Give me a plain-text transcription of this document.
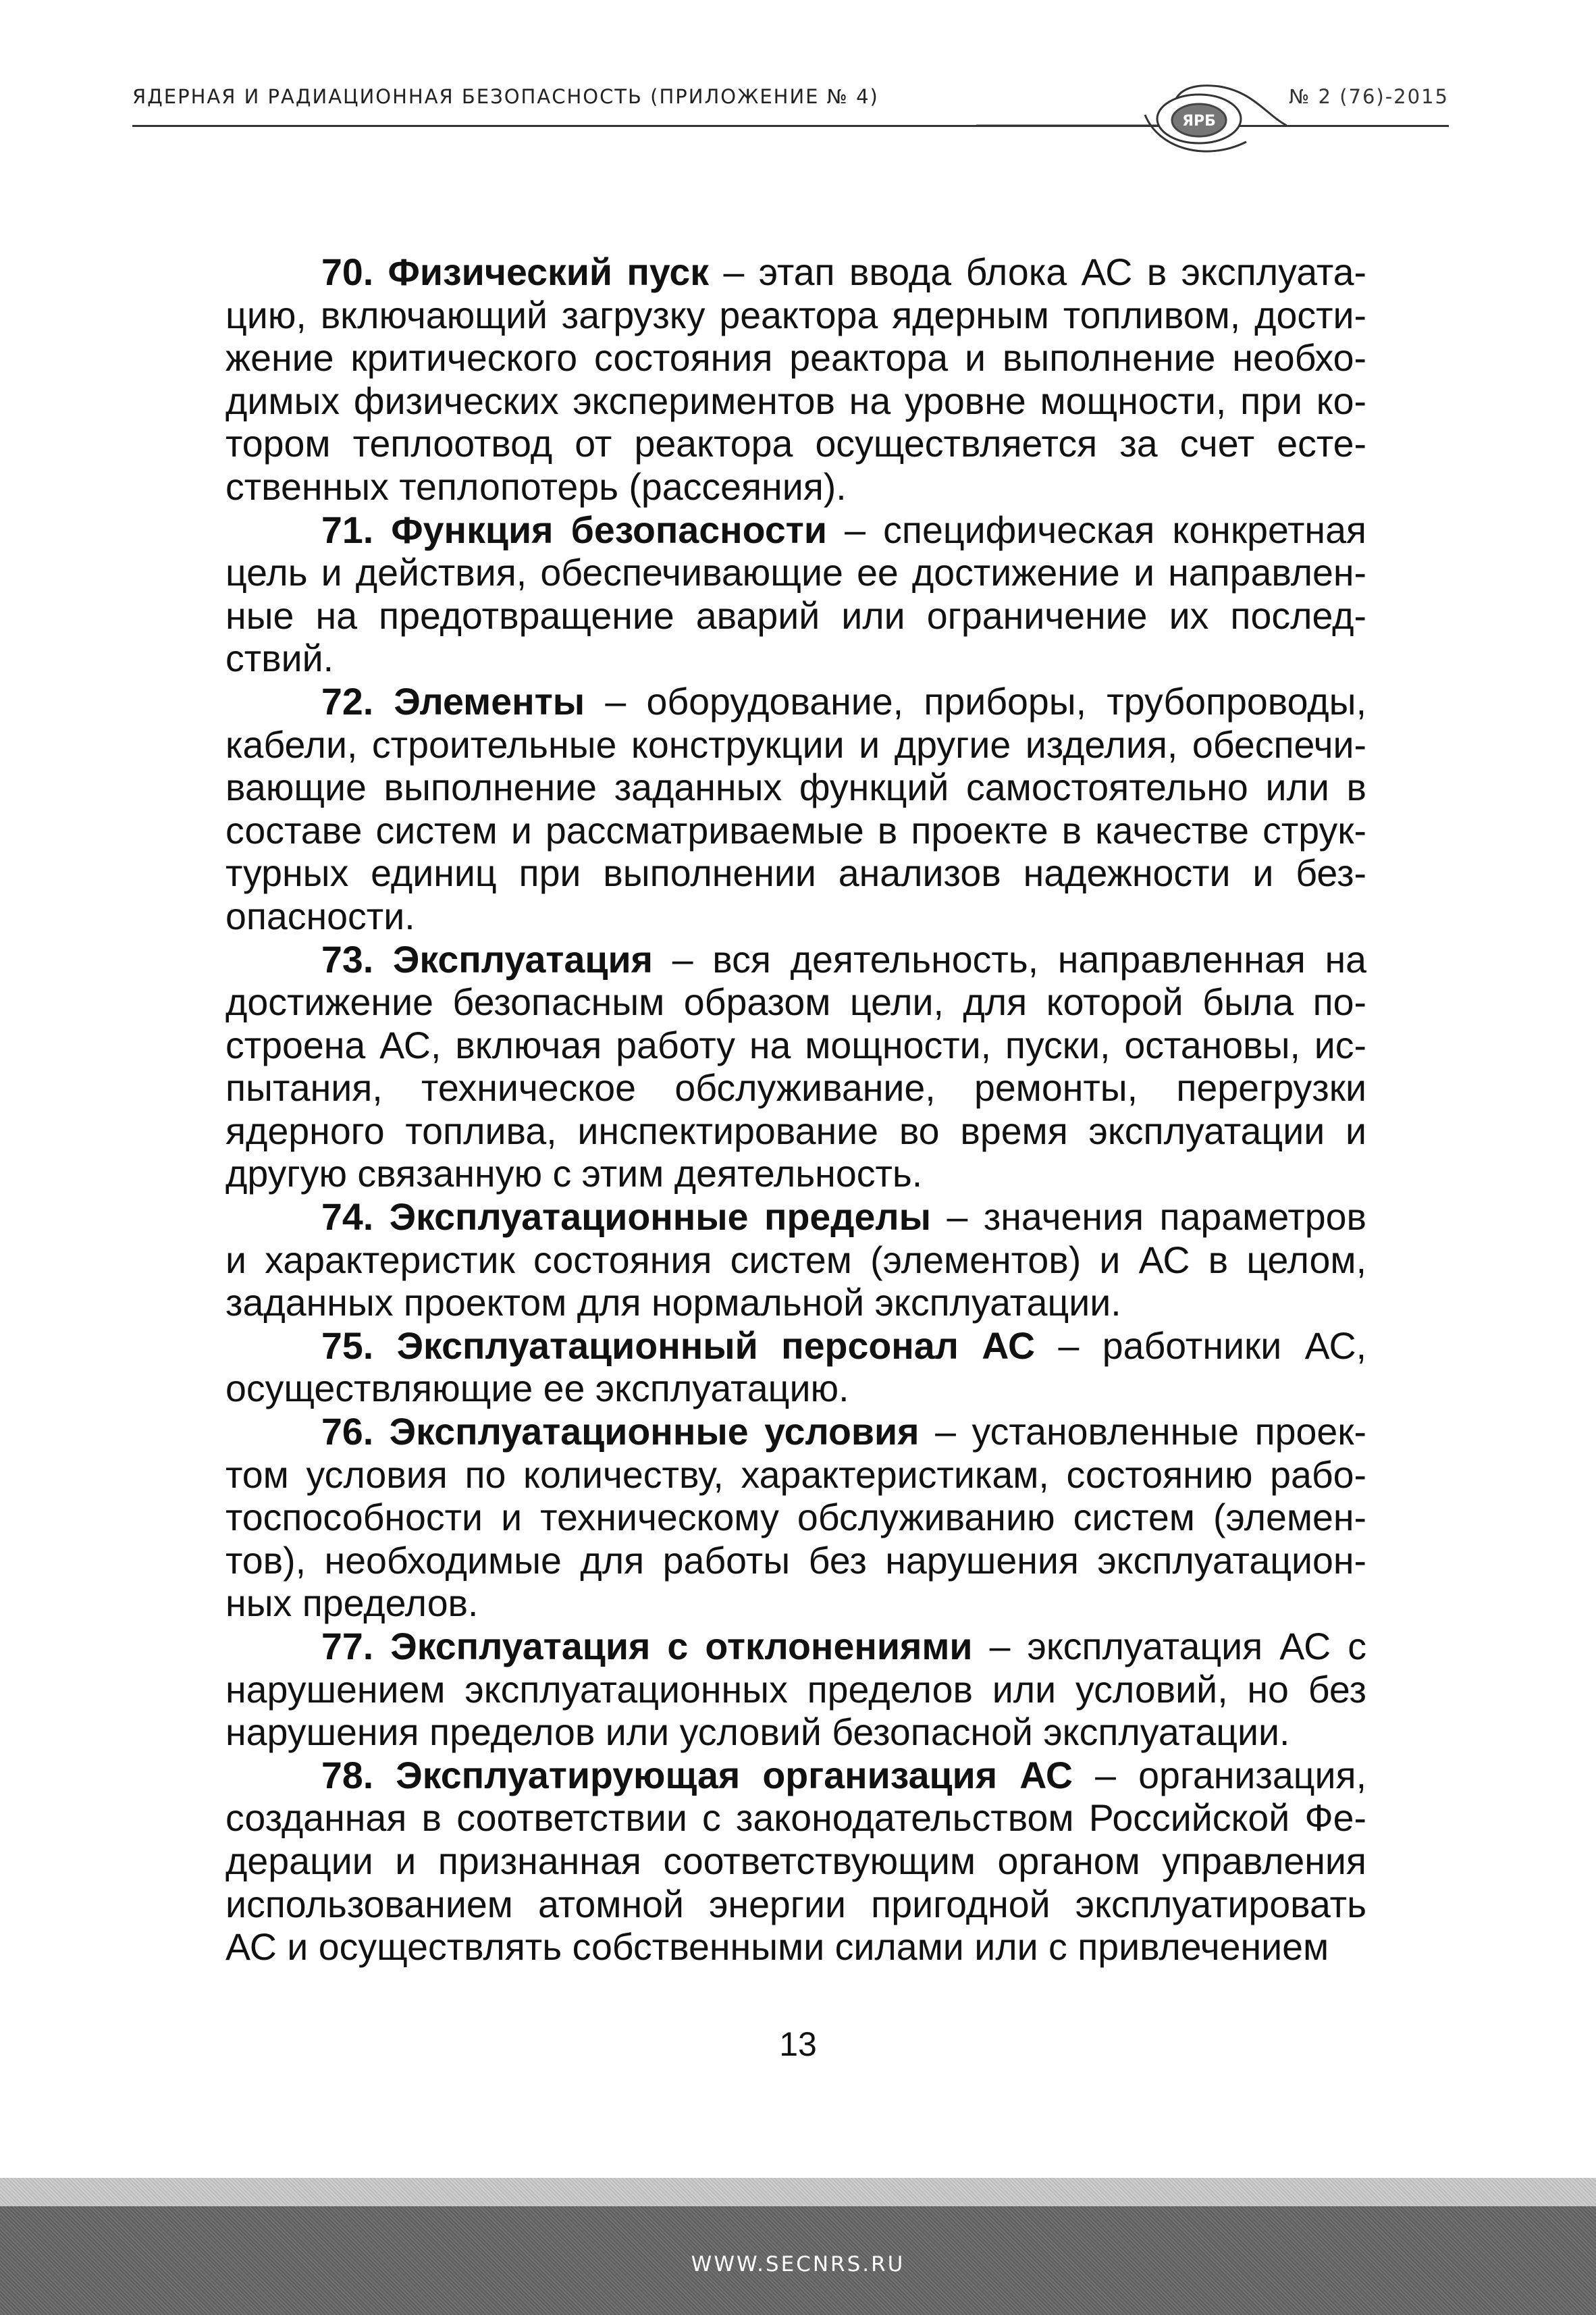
ЯДЕРНАЯ И РАДИАЦИОННАЯ БЕЗОПАСНОСТЬ (ПРИЛОЖЕНИЕ № 4)
ЯРБ
№ 2 (76)-2015

70. Физический пуск – этап ввода блока АС в эксплуатацию, включающий загрузку реактора ядерным топливом, достижение критического состояния реактора и выполнение необходимых физических экспериментов на уровне мощности, при котором теплоотвод от реактора осуществляется за счет естественных теплопотерь (рассеяния).

71. Функция безопасности – специфическая конкретная цель и действия, обеспечивающие ее достижение и направленные на предотвращение аварий или ограничение их последствий.

72. Элементы – оборудование, приборы, трубопроводы, кабели, строительные конструкции и другие изделия, обеспечивающие выполнение заданных функций самостоятельно или в составе систем и рассматриваемые в проекте в качестве структурных единиц при выполнении анализов надежности и безопасности.

73. Эксплуатация – вся деятельность, направленная на достижение безопасным образом цели, для которой была построена АС, включая работу на мощности, пуски, остановы, испытания, техническое обслуживание, ремонты, перегрузки ядерного топлива, инспектирование во время эксплуатации и другую связанную с этим деятельность.

74. Эксплуатационные пределы – значения параметров и характеристик состояния систем (элементов) и АС в целом, заданных проектом для нормальной эксплуатации.

75. Эксплуатационный персонал АС – работники АС, осуществляющие ее эксплуатацию.

76. Эксплуатационные условия – установленные проектом условия по количеству, характеристикам, состоянию работоспособности и техническому обслуживанию систем (элементов), необходимые для работы без нарушения эксплуатационных пределов.

77. Эксплуатация с отклонениями – эксплуатация АС с нарушением эксплуатационных пределов или условий, но без нарушения пределов или условий безопасной эксплуатации.

78. Эксплуатирующая организация АС – организация, созданная в соответствии с законодательством Российской Федерации и признанная соответствующим органом управления использованием атомной энергии пригодной эксплуатировать АС и осуществлять собственными силами или с привлечением

13
WWW.SECNRS.RU
